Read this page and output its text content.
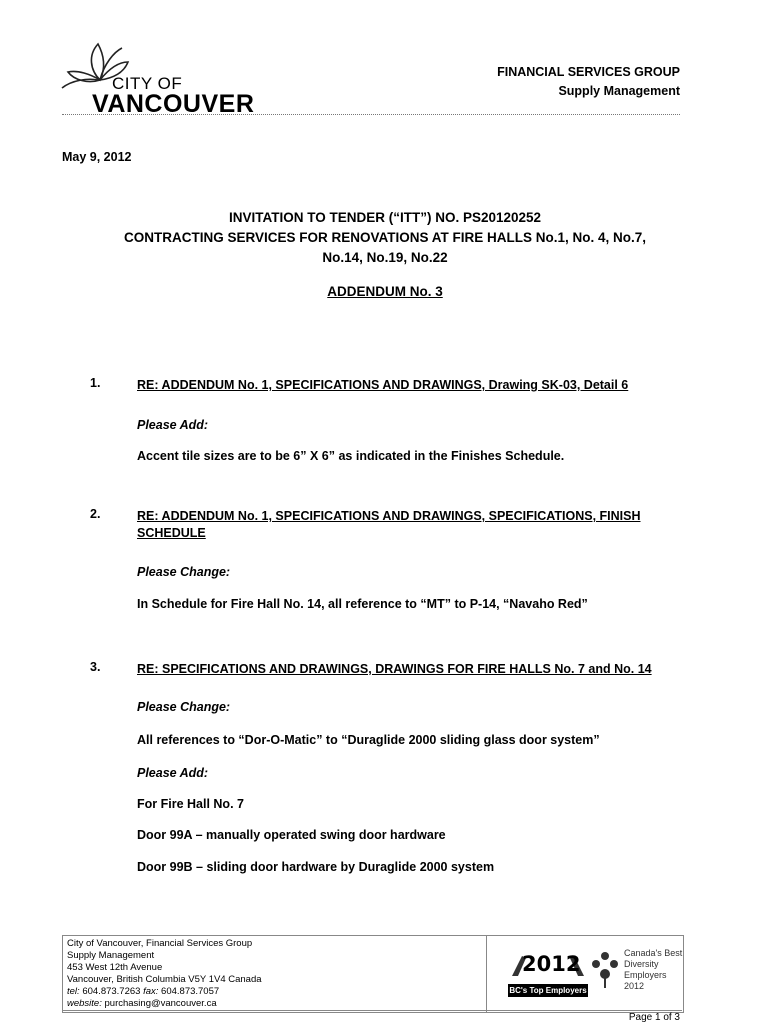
CITY OF
VANCOUVER
FINANCIAL SERVICES GROUP
Supply Management
May 9, 2012
INVITATION TO TENDER (“ITT”) NO. PS20120252
CONTRACTING SERVICES FOR RENOVATIONS AT FIRE HALLS No.1, No. 4, No.7,
No.14, No.19, No.22
ADDENDUM No. 3
1.	RE: ADDENDUM No. 1, SPECIFICATIONS AND DRAWINGS, Drawing SK-03, Detail 6
Please Add:
Accent tile sizes are to be 6” X 6” as indicated in the Finishes Schedule.
2.	RE: ADDENDUM No. 1, SPECIFICATIONS AND DRAWINGS, SPECIFICATIONS, FINISH
SCHEDULE
Please Change:
In Schedule for Fire Hall No. 14, all reference to “MT” to P-14, “Navaho Red”
3.	RE: SPECIFICATIONS AND DRAWINGS, DRAWINGS FOR FIRE HALLS No. 7 and No. 14
Please Change:
All references to “Dor-O-Matic” to “Duraglide 2000 sliding glass door system”
Please Add:
For Fire Hall No. 7
Door 99A – manually operated swing door hardware
Door 99B – sliding door hardware by Duraglide 2000 system
City of Vancouver, Financial Services Group
Supply Management
453 West 12th Avenue
Vancouver, British Columbia V5Y 1V4 Canada
tel: 604.873.7263 fax: 604.873.7057
website: purchasing@vancouver.ca
2012
BC's Top Employers
Canada's Best
Diversity
Employers 2012
Page 1 of 3
